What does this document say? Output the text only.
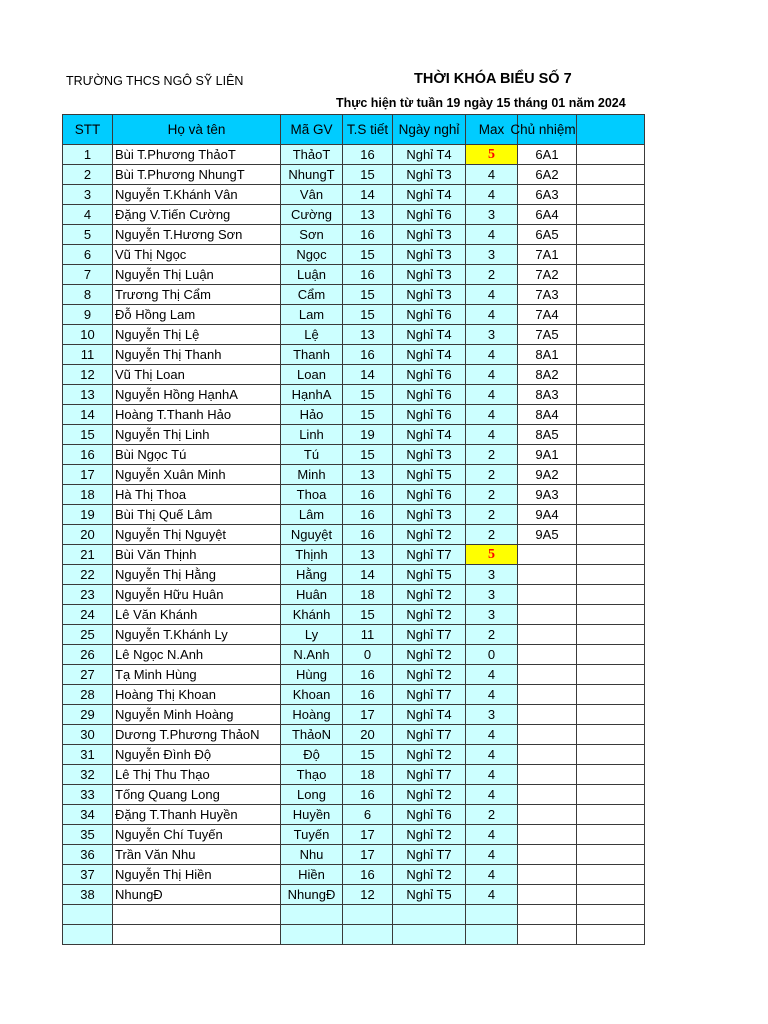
TRƯỜNG THCS NGÔ SỸ LIÊN	THỜI KHÓA BIỂU SỐ 7
Thực hiện từ tuần 19 ngày 15 tháng 01 năm 2024
STT	Họ và tên	Mã GV	T.S tiết	Ngày nghỉ	Max	Chủ nhiệm	
1	Bùi T.Phương ThảoT	ThảoT	16	Nghỉ T4	5	6A1	
2	Bùi T.Phương NhungT	NhungT	15	Nghỉ T3	4	6A2	
3	Nguyễn T.Khánh Vân	Vân	14	Nghỉ T4	4	6A3	
4	Đặng V.Tiến Cường	Cường	13	Nghỉ T6	3	6A4	
5	Nguyễn T.Hương Sơn	Sơn	16	Nghỉ T3	4	6A5	
6	Vũ Thị Ngọc	Ngọc	15	Nghỉ T3	3	7A1	
7	Nguyễn Thị Luận	Luận	16	Nghỉ T3	2	7A2	
8	Trương Thị Cẩm	Cẩm	15	Nghỉ T3	4	7A3	
9	Đỗ Hồng Lam	Lam	15	Nghỉ T6	4	7A4	
10	Nguyễn Thị Lệ	Lệ	13	Nghỉ T4	3	7A5	
11	Nguyễn Thị Thanh	Thanh	16	Nghỉ T4	4	8A1	
12	Vũ Thị Loan	Loan	14	Nghỉ T6	4	8A2	
13	Nguyễn Hồng HạnhA	HạnhA	15	Nghỉ T6	4	8A3	
14	Hoàng T.Thanh Hảo	Hảo	15	Nghỉ T6	4	8A4	
15	Nguyễn Thị Linh	Linh	19	Nghỉ T4	4	8A5	
16	Bùi Ngọc Tú	Tú	15	Nghỉ T3	2	9A1	
17	Nguyễn Xuân Minh	Minh	13	Nghỉ T5	2	9A2	
18	Hà Thị Thoa	Thoa	16	Nghỉ T6	2	9A3	
19	Bùi Thị Quế Lâm	Lâm	16	Nghỉ T3	2	9A4	
20	Nguyễn Thị Nguyệt	Nguyệt	16	Nghỉ T2	2	9A5	
21	Bùi Văn Thịnh	Thịnh	13	Nghỉ T7	5		
22	Nguyễn Thị Hằng	Hằng	14	Nghỉ T5	3		
23	Nguyễn Hữu Huân	Huân	18	Nghỉ T2	3		
24	Lê Văn Khánh	Khánh	15	Nghỉ T2	3		
25	Nguyễn T.Khánh Ly	Ly	11	Nghỉ T7	2		
26	Lê Ngọc N.Anh	N.Anh	0	Nghỉ T2	0		
27	Tạ Minh Hùng	Hùng	16	Nghỉ T2	4		
28	Hoàng Thị Khoan	Khoan	16	Nghỉ T7	4		
29	Nguyễn Minh Hoàng	Hoàng	17	Nghỉ T4	3		
30	Dương T.Phương ThảoN	ThảoN	20	Nghỉ T7	4		
31	Nguyễn Đình Độ	Độ	15	Nghỉ T2	4		
32	Lê Thị Thu Thạo	Thạo	18	Nghỉ T7	4		
33	Tống Quang Long	Long	16	Nghỉ T2	4		
34	Đặng T.Thanh Huyền	Huyền	6	Nghỉ T6	2		
35	Nguyễn Chí Tuyến	Tuyến	17	Nghỉ T2	4		
36	Trần Văn Nhu	Nhu	17	Nghỉ T7	4		
37	Nguyễn Thị Hiền	Hiền	16	Nghỉ T2	4		
38	NhungĐ	NhungĐ	12	Nghỉ T5	4		
